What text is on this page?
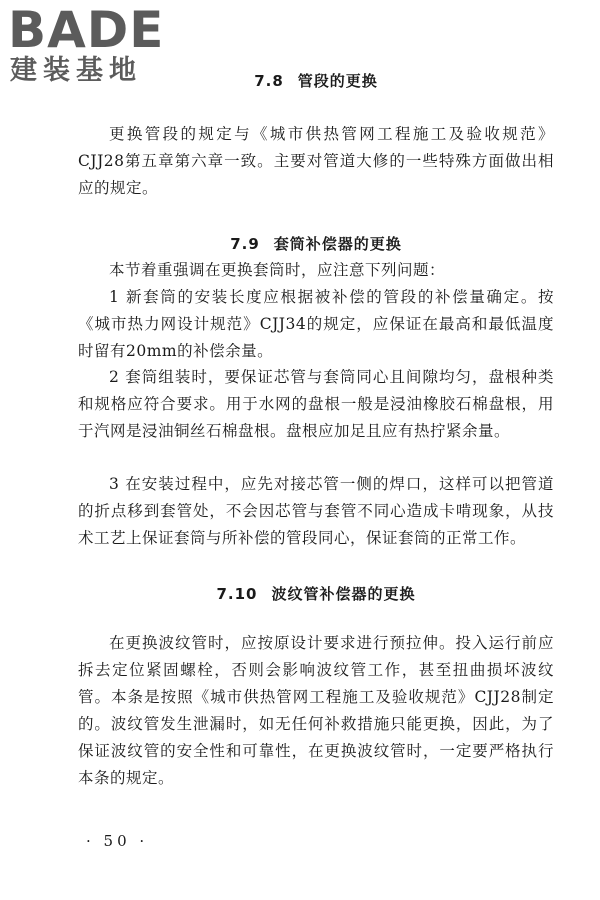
BADE
建装基地	7.8 管段的更换

更换管段的规定与《城市供热管网工程施工及验收规范》CJJ28第五章第六章一致。主要对管道大修的一些特殊方面做出相应的规定。

7.9 套筒补偿器的更换

本节着重强调在更换套筒时，应注意下列问题：

1 新套筒的安装长度应根据被补偿的管段的补偿量确定。按《城市热力网设计规范》CJJ34的规定，应保证在最高和最低温度时留有20mm的补偿余量。

2 套筒组装时，要保证芯管与套筒同心且间隙均匀，盘根种类和规格应符合要求。用于水网的盘根一般是浸油橡胶石棉盘根，用于汽网是浸油铜丝石棉盘根。盘根应加足且应有热拧紧余量。

3 在安装过程中，应先对接芯管一侧的焊口，这样可以把管道的折点移到套管处，不会因芯管与套管不同心造成卡啃现象，从技术工艺上保证套筒与所补偿的管段同心，保证套筒的正常工作。

7.10 波纹管补偿器的更换

在更换波纹管时，应按原设计要求进行预拉伸。投入运行前应拆去定位紧固螺栓，否则会影响波纹管工作，甚至扭曲损坏波纹管。本条是按照《城市供热管网工程施工及验收规范》CJJ28制定的。波纹管发生泄漏时，如无任何补救措施只能更换，因此，为了保证波纹管的安全性和可靠性，在更换波纹管时，一定要严格执行本条的规定。

· 50 ·
